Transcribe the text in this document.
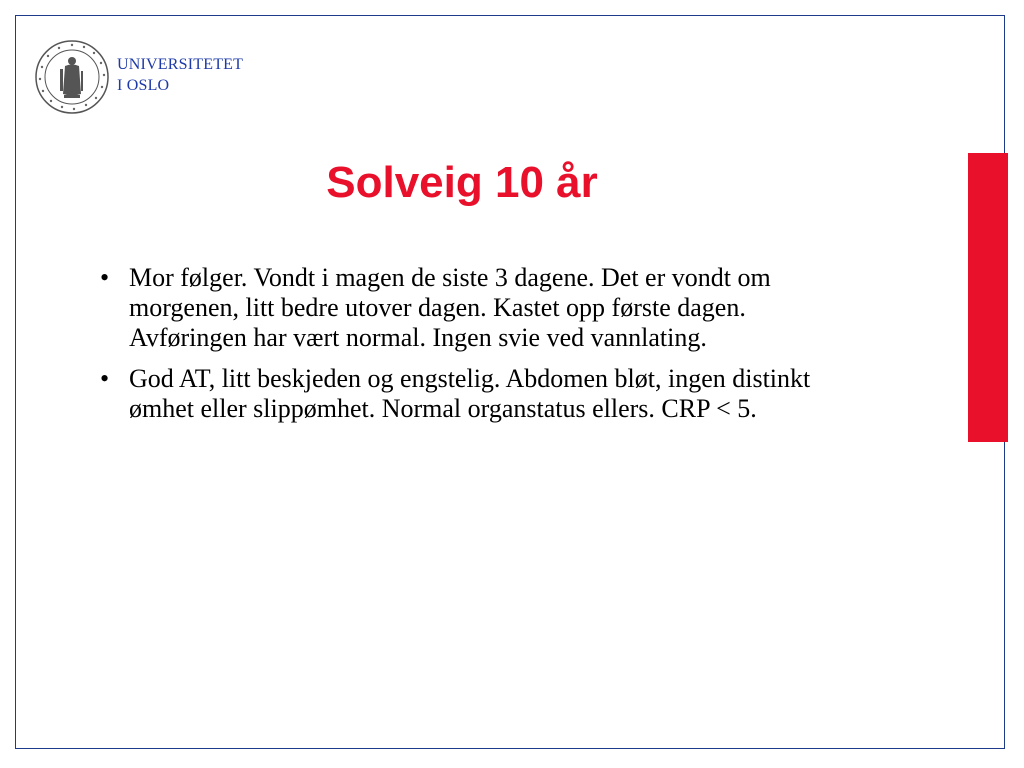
UNIVERSITETET
I OSLO
Solveig 10 år
• Mor følger. Vondt i magen de siste 3 dagene. Det er vondt om morgenen, litt bedre utover dagen. Kastet opp første dagen. Avføringen har vært normal. Ingen svie ved vannlating.
• God AT, litt beskjeden og engstelig. Abdomen bløt, ingen distinkt ømhet eller slippømhet. Normal organstatus ellers. CRP < 5.
